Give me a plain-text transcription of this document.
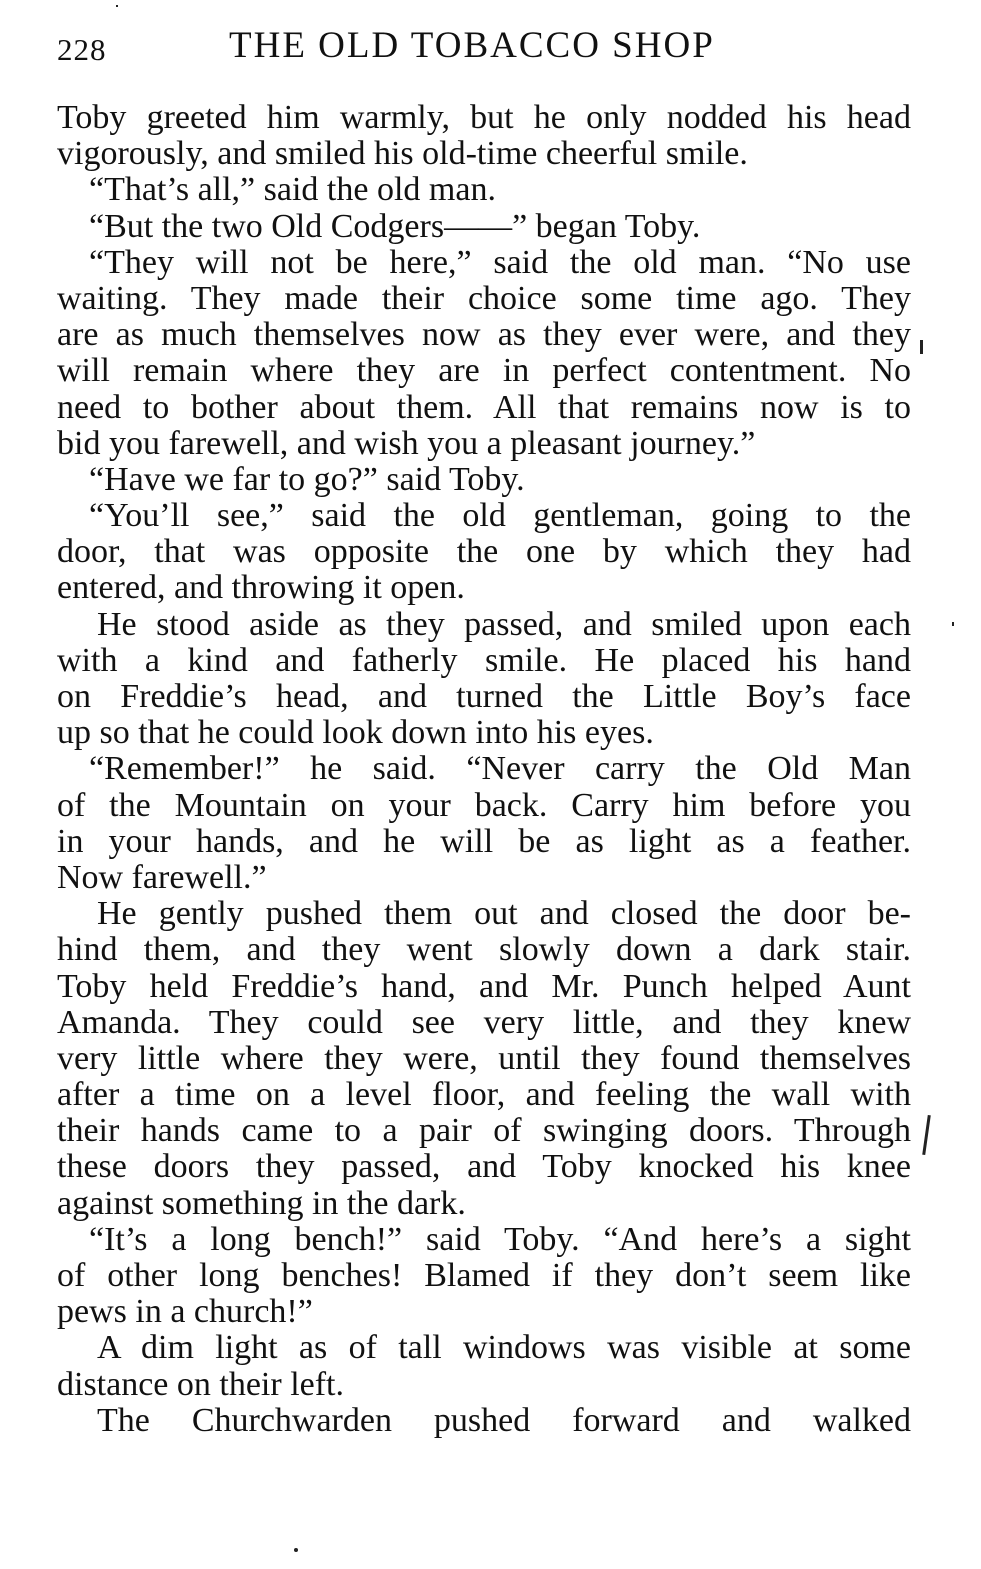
228	THE OLD TOBACCO SHOP
Toby greeted him warmly, but he only nodded his head
vigorously, and smiled his old-time cheerful smile.
“That’s all,” said the old man.
“But the two Old Codgers——” began Toby.
“They will not be here,” said the old man. “No use
waiting. They made their choice some time ago. They
are as much themselves now as they ever were, and they
will remain where they are in perfect contentment. No
need to bother about them. All that remains now is to
bid you farewell, and wish you a pleasant journey.”
“Have we far to go?” said Toby.
“You’ll see,” said the old gentleman, going to the
door, that was opposite the one by which they had
entered, and throwing it open.
He stood aside as they passed, and smiled upon each
with a kind and fatherly smile. He placed his hand
on Freddie’s head, and turned the Little Boy’s face
up so that he could look down into his eyes.
“Remember!” he said. “Never carry the Old Man
of the Mountain on your back. Carry him before you
in your hands, and he will be as light as a feather.
Now farewell.”
He gently pushed them out and closed the door be-
hind them, and they went slowly down a dark stair.
Toby held Freddie’s hand, and Mr. Punch helped Aunt
Amanda. They could see very little, and they knew
very little where they were, until they found themselves
after a time on a level floor, and feeling the wall with
their hands came to a pair of swinging doors. Through
these doors they passed, and Toby knocked his knee
against something in the dark.
“It’s a long bench!” said Toby. “And here’s a sight
of other long benches! Blamed if they don’t seem like
pews in a church!”
A dim light as of tall windows was visible at some
distance on their left.
The Churchwarden pushed forward and walked
